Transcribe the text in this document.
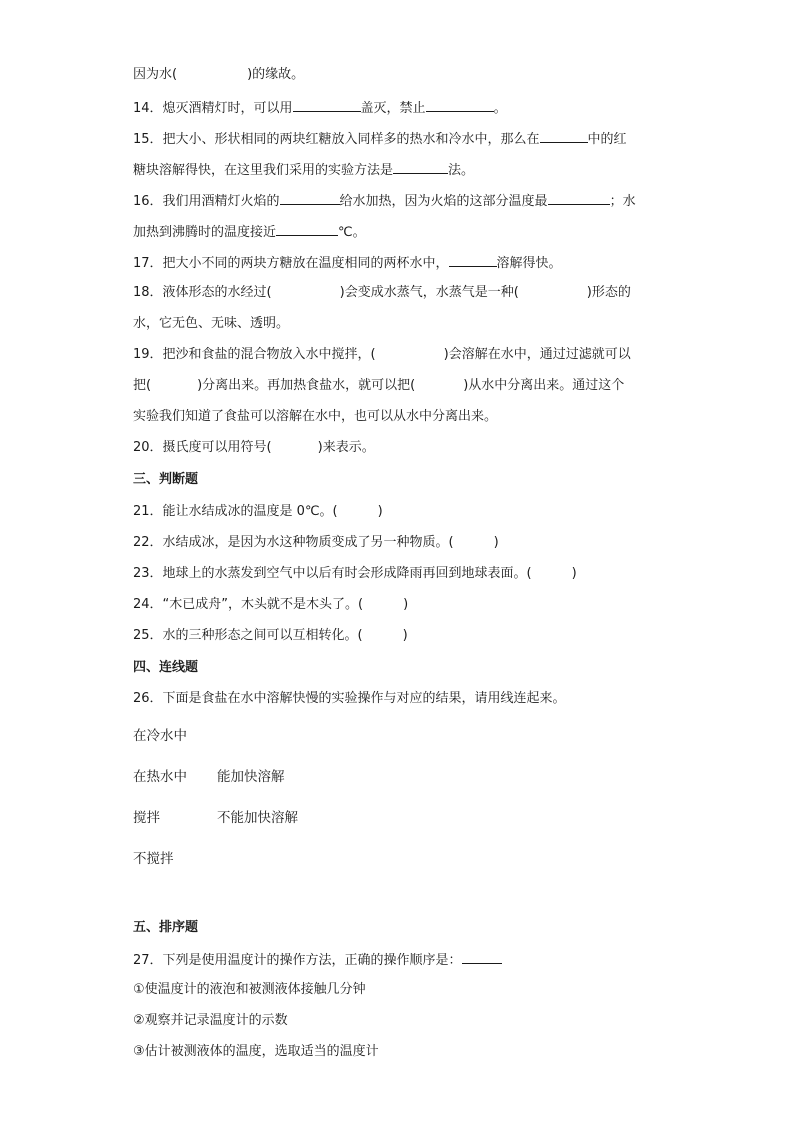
因为水(	)的缘故。
14．熄灭酒精灯时，可以用	盖灭，禁止	。
15．把大小、形状相同的两块红糖放入同样多的热水和冷水中，那么在	中的红
糖块溶解得快，在这里我们采用的实验方法是	法。
16．我们用酒精灯火焰的	给水加热，因为火焰的这部分温度最	；水
加热到沸腾时的温度接近	℃。
17．把大小不同的两块方糖放在温度相同的两杯水中，	溶解得快。
18．液体形态的水经过(	)会变成水蒸气，水蒸气是一种(	)形态的
水，它无色、无味、透明。
19．把沙和食盐的混合物放入水中搅拌，(	)会溶解在水中，通过过滤就可以
把(	)分离出来。再加热食盐水，就可以把(	)从水中分离出来。通过这个
实验我们知道了食盐可以溶解在水中，也可以从水中分离出来。
20．摄氏度可以用符号(	)来表示。
三、判断题
21．能让水结成冰的温度是 0℃。(	)
22．水结成冰，是因为水这种物质变成了另一种物质。(	)
23．地球上的水蒸发到空气中以后有时会形成降雨再回到地球表面。(	)
24．“木已成舟”，木头就不是木头了。(	)
25．水的三种形态之间可以互相转化。(	)
四、连线题
26．下面是食盐在水中溶解快慢的实验操作与对应的结果，请用线连起来。
在冷水中
在热水中 能加快溶解
搅拌	不能加快溶解
不搅拌
五、排序题
27．下列是使用温度计的操作方法，正确的操作顺序是：
①使温度计的液泡和被测液体接触几分钟
②观察并记录温度计的示数
③估计被测液体的温度，选取适当的温度计
